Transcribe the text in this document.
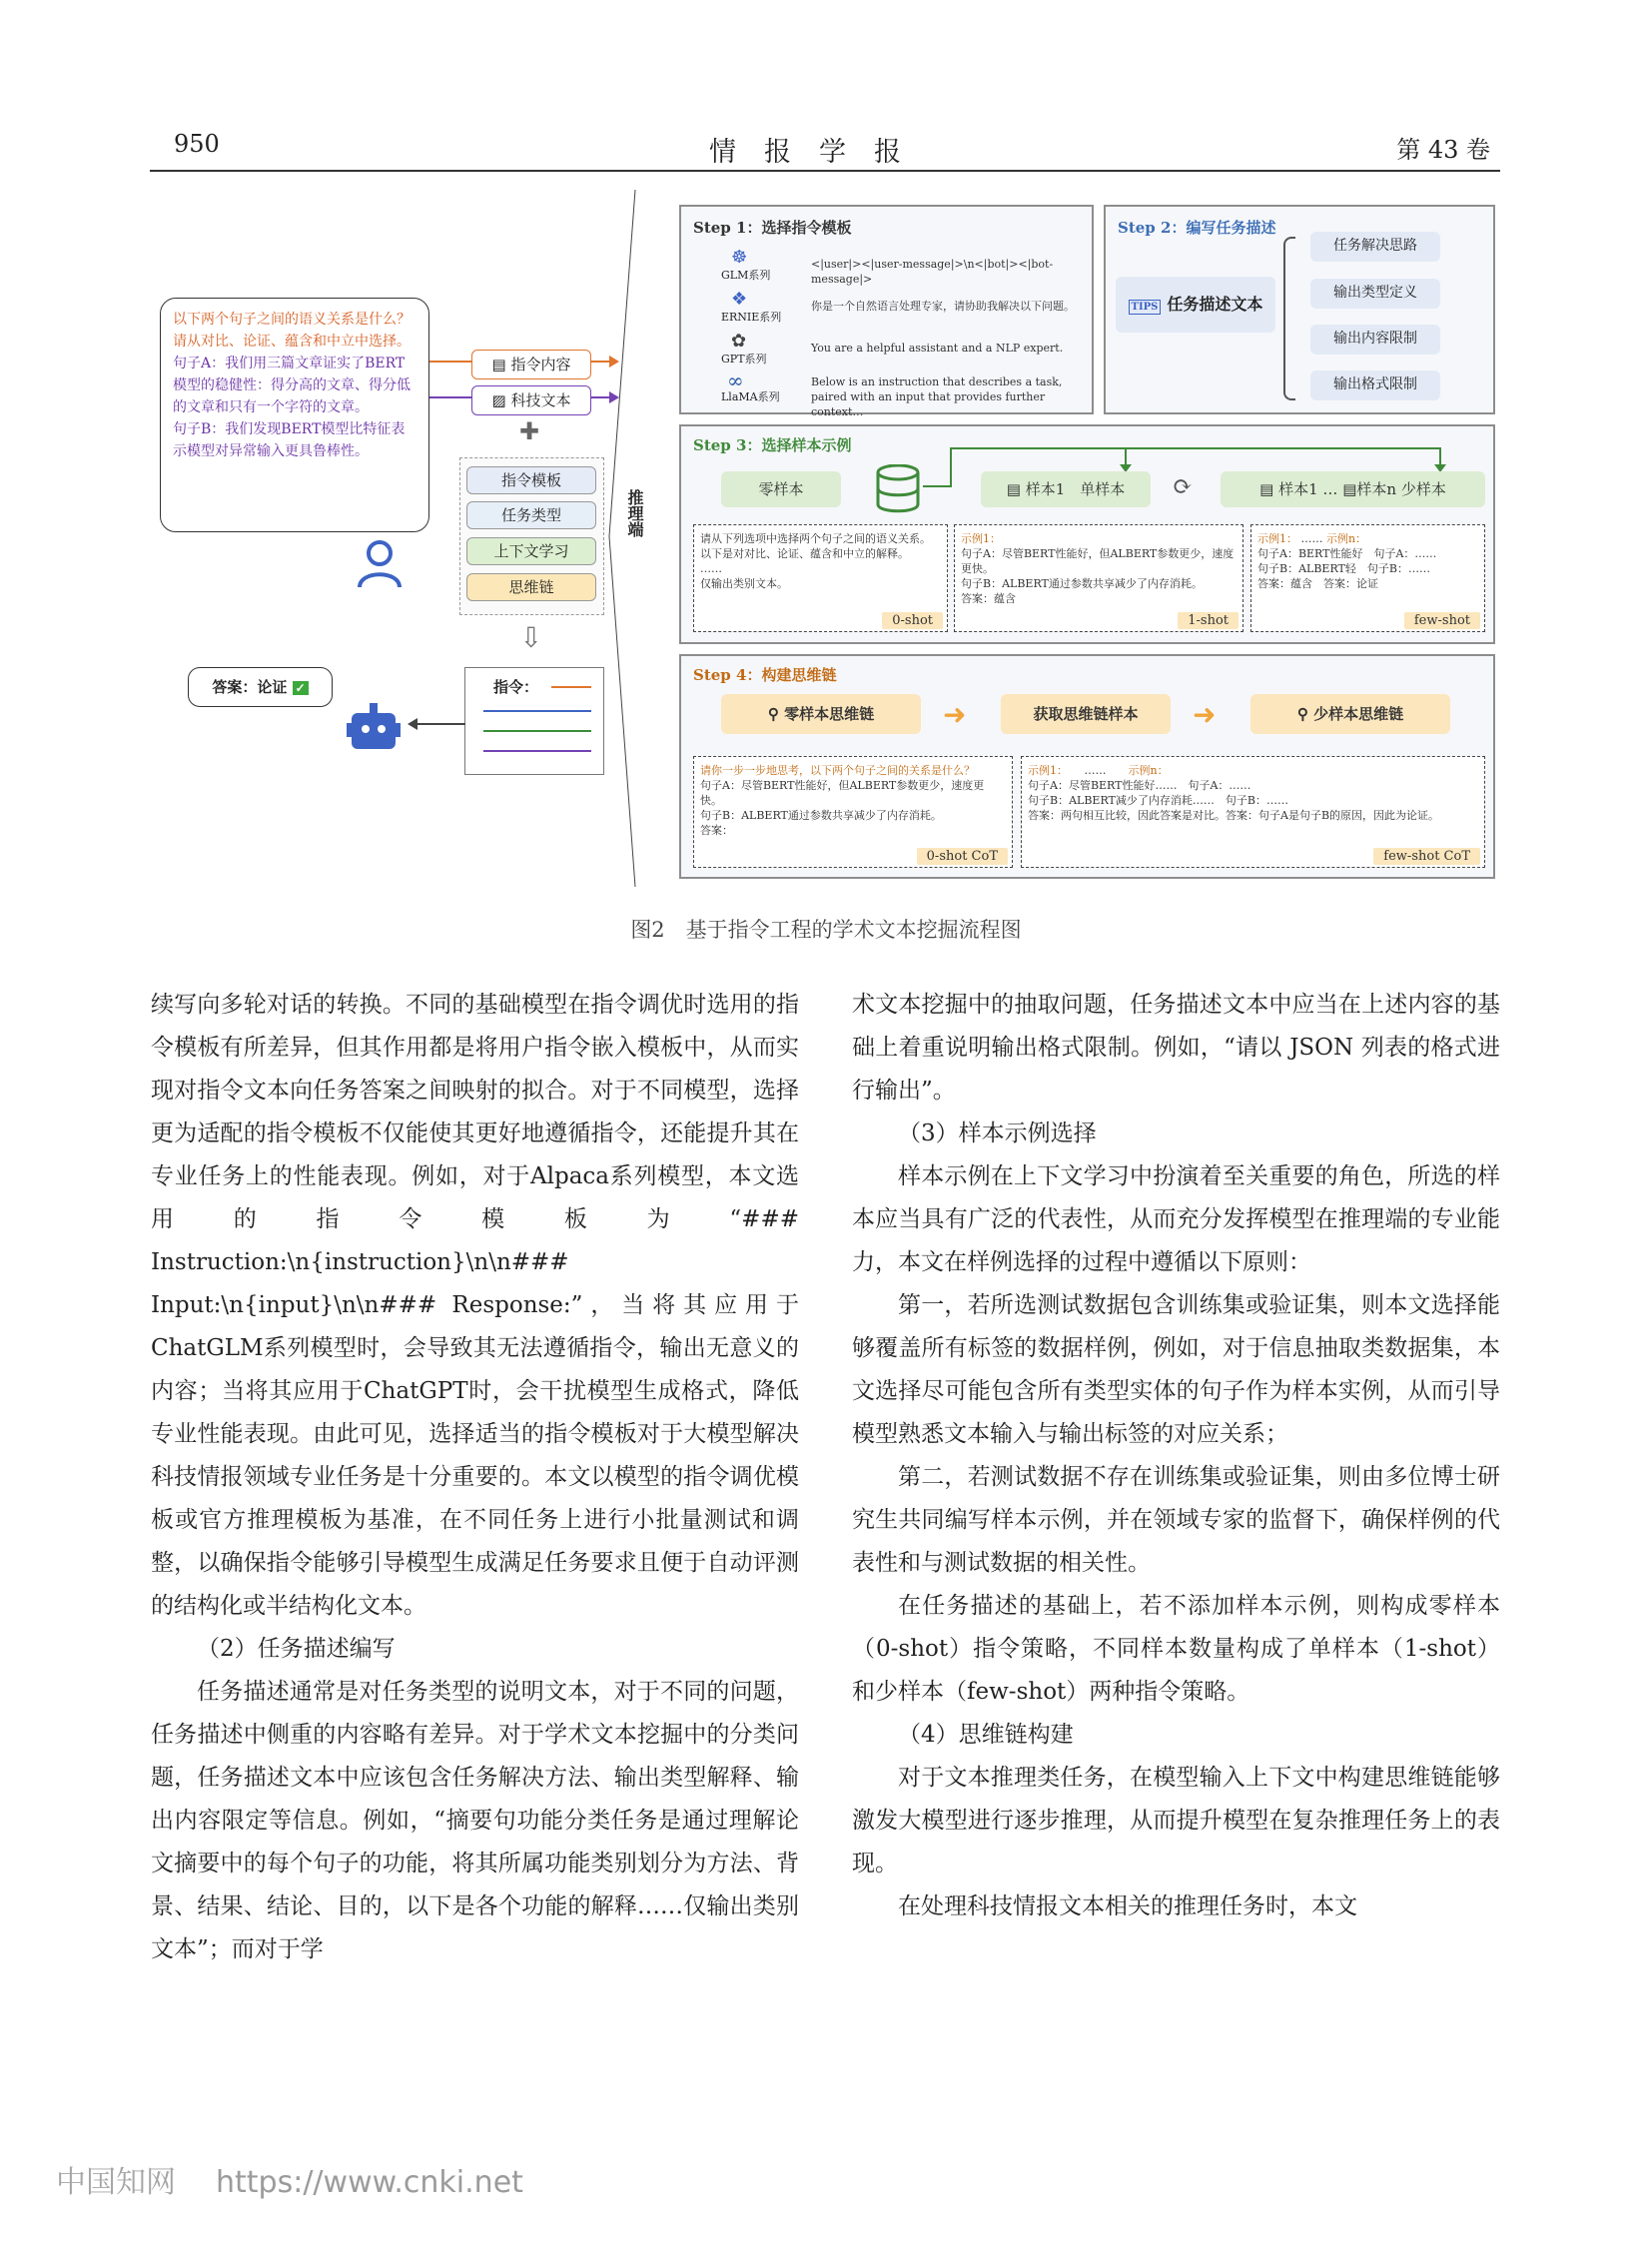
950	情报学报	第 43 卷
以下两个句子之间的语义关系是什么？请从对比、论证、蕴含和中立中选择。
句子A：我们用三篇文章证实了BERT模型的稳健性：得分高的文章、得分低的文章和只有一个字符的文章。
句子B：我们发现BERT模型比特征表示模型对异常输入更具鲁棒性。
▤ 指令内容
▨ 科技文本
✚
指令模板
任务类型
上下文学习
思维链
推理端
⇩
指令：
答案：论证 ✓
Step 1：选择指令模板
☸
GLM系列
<|user|><|user-message|>\n<|bot|><|bot-message|>
❖
ERNIE系列
你是一个自然语言处理专家，请协助我解决以下问题。
✿
GPT系列
You are a helpful assistant and a NLP expert.
∞
LlaMA系列
Below is an instruction that describes a task, paired with an input that provides further context…
Step 2：编写任务描述
TIPS 任务描述文本
任务解决思路
输出类型定义
输出内容限制
输出格式限制
Step 3：选择样本示例
零样本	▤ 样本1　 单样本	⟳	▤ 样本1 … ▤样本n 少样本
请从下列选项中选择两个句子之间的语义关系。
以下是对对比、论证、蕴含和中立的解释。
……
仅输出类别文本。
0-shot
示例1：
句子A：尽管BERT性能好，但ALBERT参数更少，速度更快。
句子B：ALBERT通过参数共享减少了内存消耗。
答案：蕴含
1-shot
示例1： …… 示例n：
句子A：BERT性能好　 句子A：……
句子B：ALBERT轻　 句子B：……
答案：蕴含　 答案：论证
few-shot
Step 4：构建思维链
⚲ 零样本思维链	➜	获取思维链样本	➜	⚲ 少样本思维链
请你一步一步地思考，以下两个句子之间的关系是什么？
句子A：尽管BERT性能好，但ALBERT参数更少，速度更快。
句子B：ALBERT通过参数共享减少了内存消耗。
答案：
0-shot CoT
示例1：　　 ……　　 示例n：
句子A：尽管BERT性能好……　 句子A：……
句子B：ALBERT减少了内存消耗……　 句子B：……
答案：两句相互比较，因此答案是对比。答案：句子A是句子B的原因，因此为论证。
few-shot CoT
图2　基于指令工程的学术文本挖掘流程图

续写向多轮对话的转换。不同的基础模型在指令调优时选用的指令模板有所差异，但其作用都是将用户指令嵌入模板中，从而实现对指令文本向任务答案之间映射的拟合。对于不同模型，选择更为适配的指令模板不仅能使其更好地遵循指令，还能提升其在专业任务上的性能表现。例如，对于Alpaca系列模型，本文选用的指令模板为“### Instruction:\n{instruction}\n\n### Input:\n{input}\n\n### Response:”，当将其应用于ChatGLM系列模型时，会导致其无法遵循指令，输出无意义的内容；当将其应用于ChatGPT时，会干扰模型生成格式，降低专业性能表现。由此可见，选择适当的指令模板对于大模型解决科技情报领域专业任务是十分重要的。本文以模型的指令调优模板或官方推理模板为基准，在不同任务上进行小批量测试和调整，以确保指令能够引导模型生成满足任务要求且便于自动评测的结构化或半结构化文本。

（2）任务描述编写

任务描述通常是对任务类型的说明文本，对于不同的问题，任务描述中侧重的内容略有差异。对于学术文本挖掘中的分类问题，任务描述文本中应该包含任务解决方法、输出类型解释、输出内容限定等信息。例如，“摘要句功能分类任务是通过理解论文摘要中的每个句子的功能，将其所属功能类别划分为方法、背景、结果、结论、目的，以下是各个功能的解释……仅输出类别文本”；而对于学

术文本挖掘中的抽取问题，任务描述文本中应当在上述内容的基础上着重说明输出格式限制。例如，“请以 JSON 列表的格式进行输出”。

（3）样本示例选择

样本示例在上下文学习中扮演着至关重要的角色，所选的样本应当具有广泛的代表性，从而充分发挥模型在推理端的专业能力，本文在样例选择的过程中遵循以下原则：

第一，若所选测试数据包含训练集或验证集，则本文选择能够覆盖所有标签的数据样例，例如，对于信息抽取类数据集，本文选择尽可能包含所有类型实体的句子作为样本实例，从而引导模型熟悉文本输入与输出标签的对应关系；

第二，若测试数据不存在训练集或验证集，则由多位博士研究生共同编写样本示例，并在领域专家的监督下，确保样例的代表性和与测试数据的相关性。

在任务描述的基础上，若不添加样本示例，则构成零样本（0-shot）指令策略，不同样本数量构成了单样本（1-shot）和少样本（few-shot）两种指令策略。

（4）思维链构建

对于文本推理类任务，在模型输入上下文中构建思维链能够激发大模型进行逐步推理，从而提升模型在复杂推理任务上的表现。

在处理科技情报文本相关的推理任务时，本文

中国知网 https://www.cnki.net
